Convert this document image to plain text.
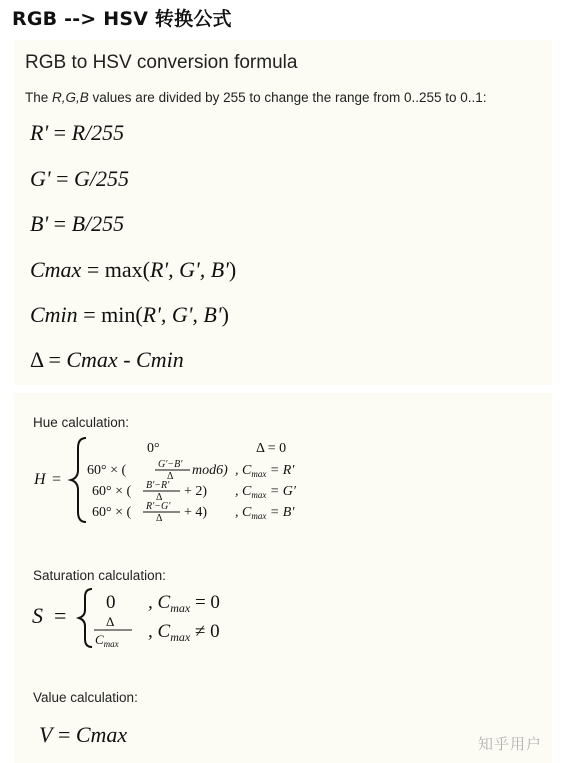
RGB --> HSV 转换公式
RGB to HSV conversion formula
The R,G,B values are divided by 255 to change the range from 0..255 to 0..1:
R' = R/255
G' = G/255
B' = B/255
Cmax = max(R', G', B')
Cmin = min(R', G', B')
Δ = Cmax - Cmin
Hue calculation:
H =
0°	Δ = 0
60° × (	G′−B′
Δ mod6) , $C_{max} = R'$
60° × ( B′−R′
Δ + 2) , $C_{max} = G'$
60° × ( R′−G′
Δ + 4) , $C_{max} = B'$
Saturation calculation:
S =
0 , $C_{max} = 0$
Δ
$C_{max}$
, $C_{max} \ne 0$
Value calculation:
V = Cmax	知乎用户
